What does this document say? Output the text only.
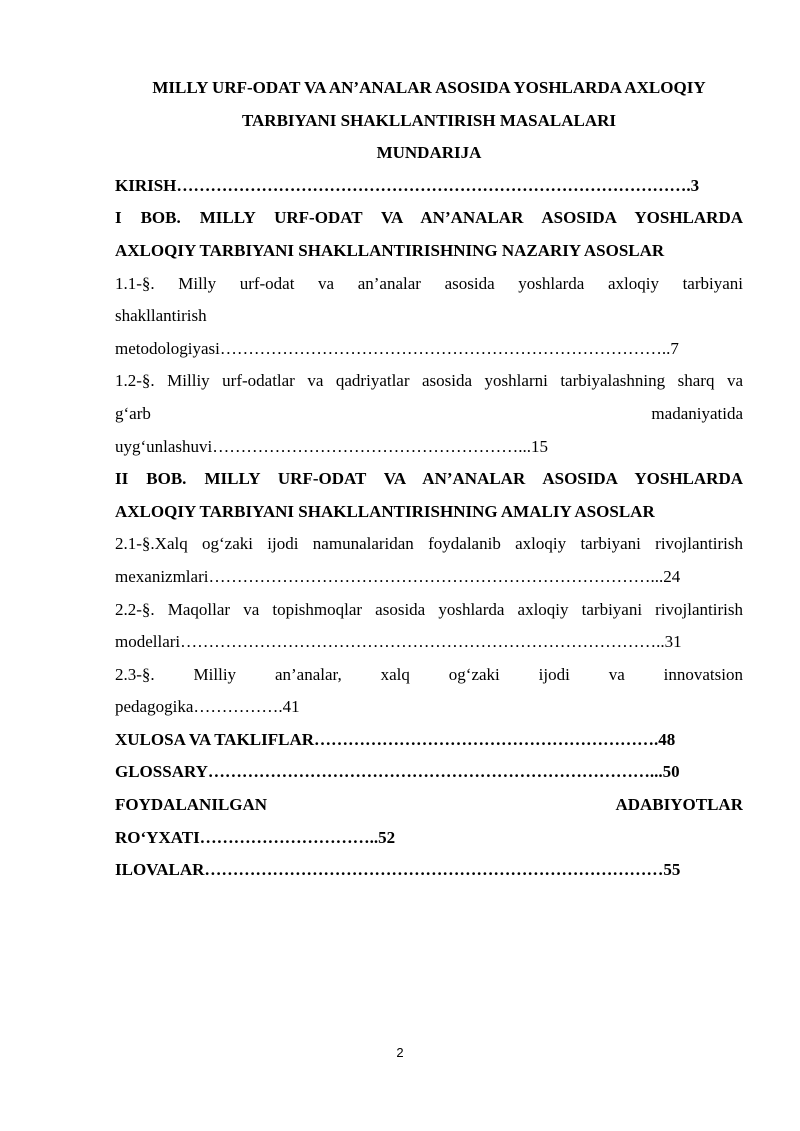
MILLY URF-ODAT VA AN’ANALAR ASOSIDA YOSHLARDA AXLOQIY
TARBIYANI SHAKLLANTIRISH MASALALARI
MUNDARIJA
KIRISH……………………………………………………………………………….3
I BOB. MILLY URF-ODAT VA AN’ANALAR ASOSIDA YOSHLARDA
AXLOQIY TARBIYANI SHAKLLANTIRISHNING NAZARIY ASOSLAR
1.1-§. Milly urf-odat va an’analar asosida yoshlarda axloqiy tarbiyani
shakllantirish
metodologiyasi……………………………………………………………………..7
1.2-§. Milliy urf-odatlar va qadriyatlar asosida yoshlarni tarbiyalashning sharq va
g‘arb	madaniyatida
uyg‘unlashuvi………………………………………………...15
II BOB. MILLY URF-ODAT VA AN’ANALAR ASOSIDA YOSHLARDA
AXLOQIY TARBIYANI SHAKLLANTIRISHNING AMALIY ASOSLAR
2.1-§.Xalq og‘zaki ijodi namunalaridan foydalanib axloqiy tarbiyani rivojlantirish
mexanizmlari……………………………………………………………………...24
2.2-§. Maqollar va topishmoqlar asosida yoshlarda axloqiy tarbiyani rivojlantirish
modellari…………………………………………………………………………..31
2.3-§. Milliy an’analar, xalq og‘zaki ijodi va innovatsion
pedagogika…………….41
XULOSA VA TAKLIFLAR…………………………………………………….48
GLOSSARY……………………………………………………………………...50
FOYDALANILGAN	ADABIYOTLAR
RO‘YXATI…………………………..52
ILOVALAR………………………………………………………………………55
2
